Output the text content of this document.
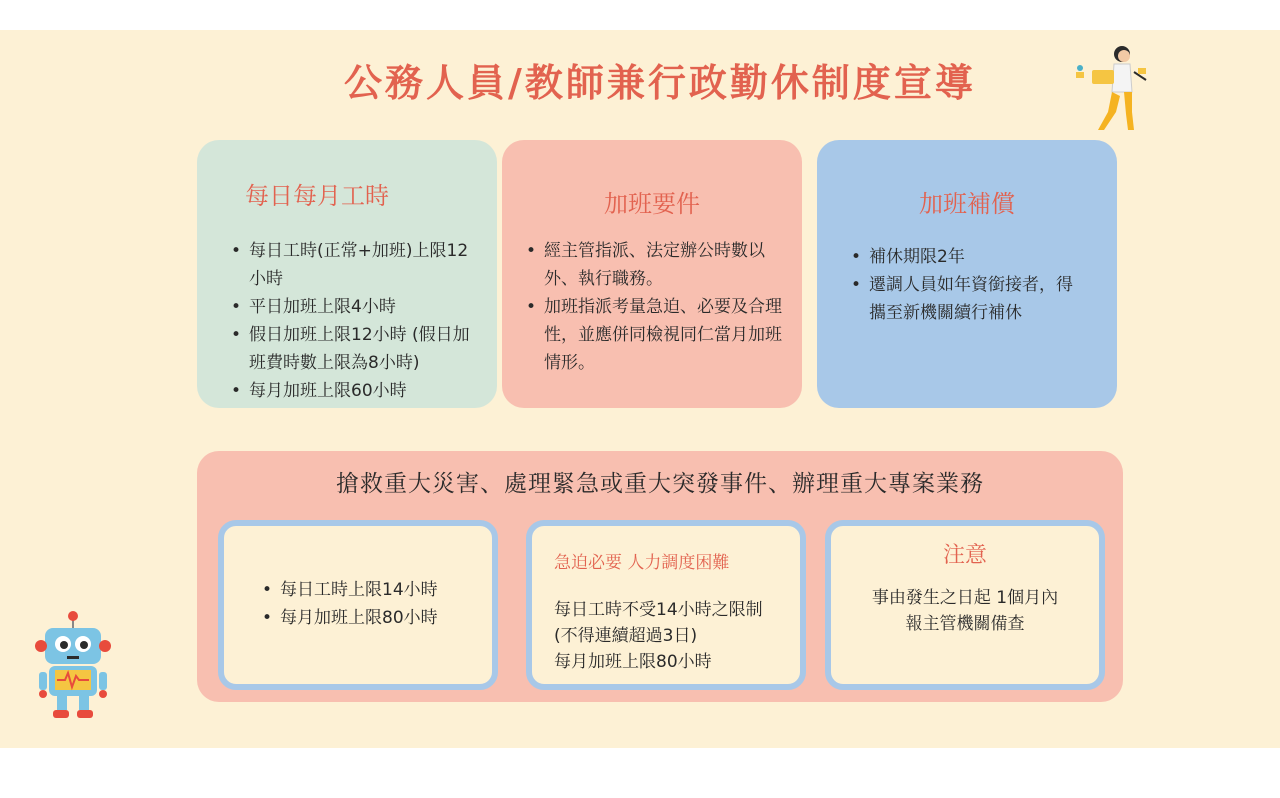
公務人員/教師兼行政勤休制度宣導
每日每月工時
• 每日工時(正常+加班)上限12小時
• 平日加班上限4小時
• 假日加班上限12小時 (假日加班費時數上限為8小時)
• 每月加班上限60小時
加班要件
• 經主管指派、法定辦公時數以外、執行職務。
• 加班指派考量急迫、必要及合理性，並應併同檢視同仁當月加班情形。
加班補償
• 補休期限2年
• 遷調人員如年資銜接者，得攜至新機關續行補休
搶救重大災害、處理緊急或重大突發事件、辦理重大專案業務
• 每日工時上限14小時
• 每月加班上限80小時
急迫必要 人力調度困難
每日工時不受14小時之限制
(不得連續超過3日)
每月加班上限80小時
注意
事由發生之日起 1個月內
報主管機關備查
